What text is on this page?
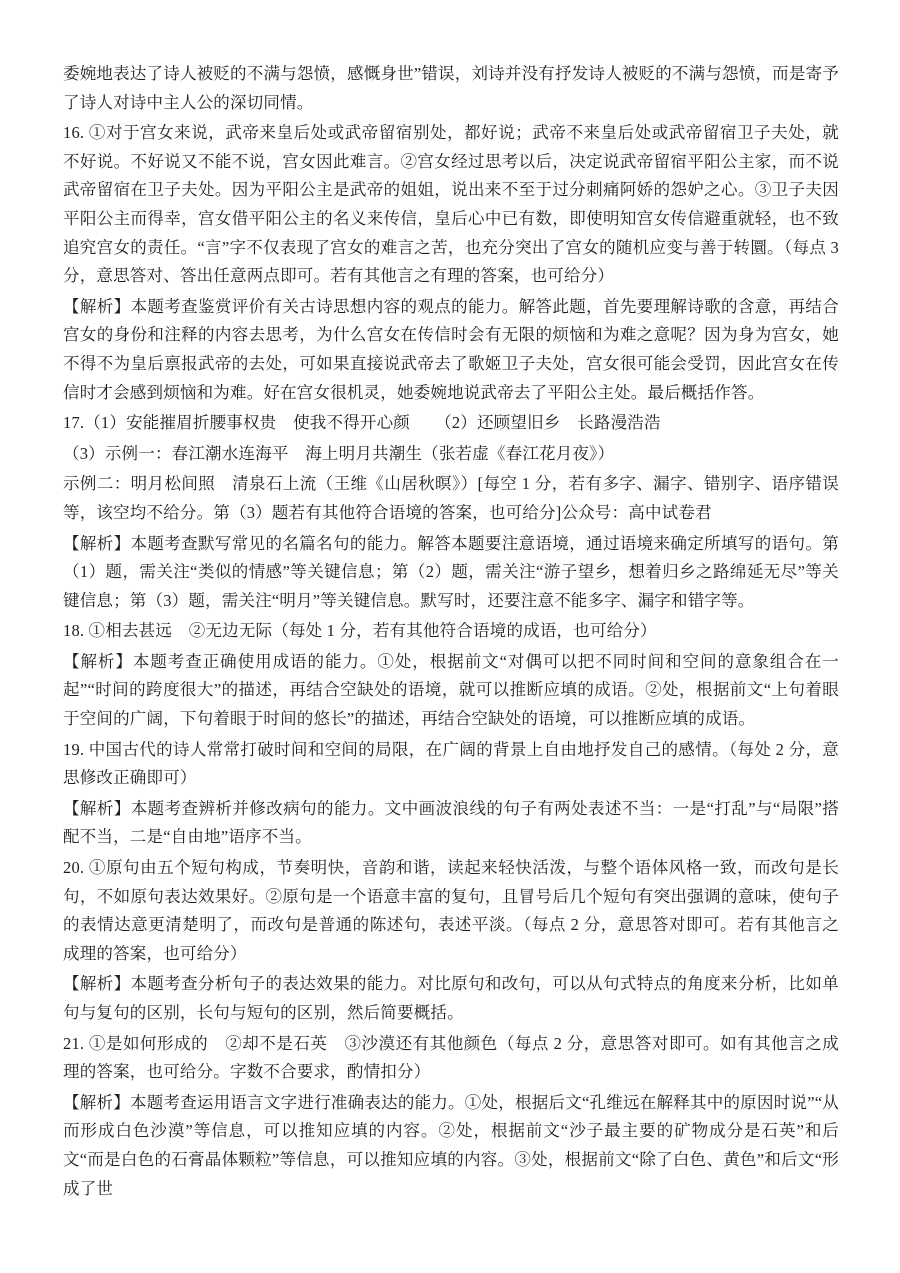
委婉地表达了诗人被贬的不满与怨愤，感慨身世”错误，刘诗并没有抒发诗人被贬的不满与怨愤，而是寄予了诗人对诗中主人公的深切同情。

16. ①对于宫女来说，武帝来皇后处或武帝留宿别处，都好说；武帝不来皇后处或武帝留宿卫子夫处，就不好说。不好说又不能不说，宫女因此难言。②宫女经过思考以后，决定说武帝留宿平阳公主家，而不说武帝留宿在卫子夫处。因为平阳公主是武帝的姐姐，说出来不至于过分刺痛阿娇的怨妒之心。③卫子夫因平阳公主而得幸，宫女借平阳公主的名义来传信，皇后心中已有数，即使明知宫女传信避重就轻，也不致追究宫女的责任。“言”字不仅表现了宫女的难言之苦，也充分突出了宫女的随机应变与善于转圜。（每点 3 分，意思答对、答出任意两点即可。若有其他言之有理的答案，也可给分）

【解析】本题考查鉴赏评价有关古诗思想内容的观点的能力。解答此题，首先要理解诗歌的含意，再结合宫女的身份和注释的内容去思考，为什么宫女在传信时会有无限的烦恼和为难之意呢？因为身为宫女，她不得不为皇后禀报武帝的去处，可如果直接说武帝去了歌姬卫子夫处，宫女很可能会受罚，因此宫女在传信时才会感到烦恼和为难。好在宫女很机灵，她委婉地说武帝去了平阳公主处。最后概括作答。

17.（1）安能摧眉折腰事权贵　使我不得开心颜　　（2）还顾望旧乡　长路漫浩浩

（3）示例一：春江潮水连海平　海上明月共潮生（张若虚《春江花月夜》）

示例二：明月松间照　清泉石上流（王维《山居秋暝》）[每空 1 分，若有多字、漏字、错别字、语序错误等，该空均不给分。第（3）题若有其他符合语境的答案，也可给分]公众号：高中试卷君

【解析】本题考查默写常见的名篇名句的能力。解答本题要注意语境，通过语境来确定所填写的语句。第（1）题，需关注“类似的情感”等关键信息；第（2）题，需关注“游子望乡，想着归乡之路绵延无尽”等关键信息；第（3）题，需关注“明月”等关键信息。默写时，还要注意不能多字、漏字和错字等。

18. ①相去甚远　②无边无际（每处 1 分，若有其他符合语境的成语，也可给分）

【解析】本题考查正确使用成语的能力。①处，根据前文“对偶可以把不同时间和空间的意象组合在一起”“时间的跨度很大”的描述，再结合空缺处的语境，就可以推断应填的成语。②处，根据前文“上句着眼于空间的广阔，下句着眼于时间的悠长”的描述，再结合空缺处的语境，可以推断应填的成语。

19. 中国古代的诗人常常打破时间和空间的局限，在广阔的背景上自由地抒发自己的感情。（每处 2 分，意思修改正确即可）

【解析】本题考查辨析并修改病句的能力。文中画波浪线的句子有两处表述不当：一是“打乱”与“局限”搭配不当，二是“自由地”语序不当。

20. ①原句由五个短句构成，节奏明快，音韵和谐，读起来轻快活泼，与整个语体风格一致，而改句是长句，不如原句表达效果好。②原句是一个语意丰富的复句，且冒号后几个短句有突出强调的意味，使句子的表情达意更清楚明了，而改句是普通的陈述句，表述平淡。（每点 2 分，意思答对即可。若有其他言之成理的答案，也可给分）

【解析】本题考查分析句子的表达效果的能力。对比原句和改句，可以从句式特点的角度来分析，比如单句与复句的区别，长句与短句的区别，然后简要概括。

21. ①是如何形成的　②却不是石英　③沙漠还有其他颜色（每点 2 分，意思答对即可。如有其他言之成理的答案，也可给分。字数不合要求，酌情扣分）

【解析】本题考查运用语言文字进行准确表达的能力。①处，根据后文“孔维远在解释其中的原因时说”“从而形成白色沙漠”等信息，可以推知应填的内容。②处，根据前文“沙子最主要的矿物成分是石英”和后文“而是白色的石膏晶体颗粒”等信息，可以推知应填的内容。③处，根据前文“除了白色、黄色”和后文“形成了世
